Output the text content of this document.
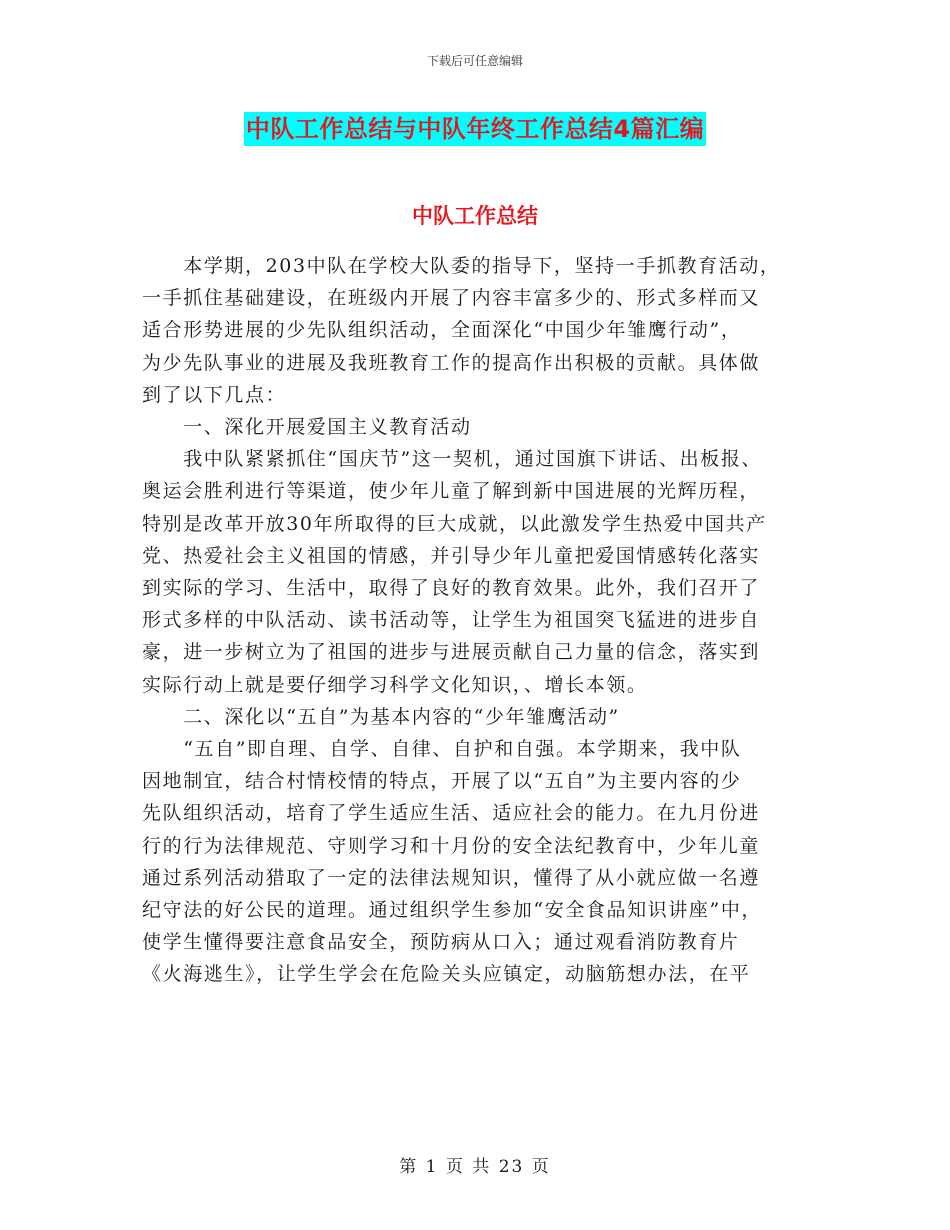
下载后可任意编辑
中队工作总结与中队年终工作总结4篇汇编
中队工作总结
　　本学期，203中队在学校大队委的指导下，坚持一手抓教育活动，
一手抓住基础建设，在班级内开展了内容丰富多少的、形式多样而又
适合形势进展的少先队组织活动，全面深化“中国少年雏鹰行动”，
为少先队事业的进展及我班教育工作的提高作出积极的贡献。具体做
到了以下几点：
　　一、深化开展爱国主义教育活动
　　我中队紧紧抓住“国庆节”这一契机，通过国旗下讲话、出板报、
奥运会胜利进行等渠道，使少年儿童了解到新中国进展的光辉历程，
特别是改革开放30年所取得的巨大成就，以此激发学生热爱中国共产
党、热爱社会主义祖国的情感，并引导少年儿童把爱国情感转化落实
到实际的学习、生活中，取得了良好的教育效果。此外，我们召开了
形式多样的中队活动、读书活动等，让学生为祖国突飞猛进的进步自
豪，进一步树立为了祖国的进步与进展贡献自己力量的信念，落实到
实际行动上就是要仔细学习科学文化知识，、增长本领。
　　二、深化以“五自”为基本内容的“少年雏鹰活动”
　　“五自”即自理、自学、自律、自护和自强。本学期来，我中队
因地制宜，结合村情校情的特点，开展了以“五自”为主要内容的少
先队组织活动，培育了学生适应生活、适应社会的能力。在九月份进
行的行为法律规范、守则学习和十月份的安全法纪教育中，少年儿童
通过系列活动猎取了一定的法律法规知识，懂得了从小就应做一名遵
纪守法的好公民的道理。通过组织学生参加“安全食品知识讲座”中，
使学生懂得要注意食品安全，预防病从口入；通过观看消防教育片
《火海逃生》，让学生学会在危险关头应镇定，动脑筋想办法，在平
第 1 页 共 23 页
